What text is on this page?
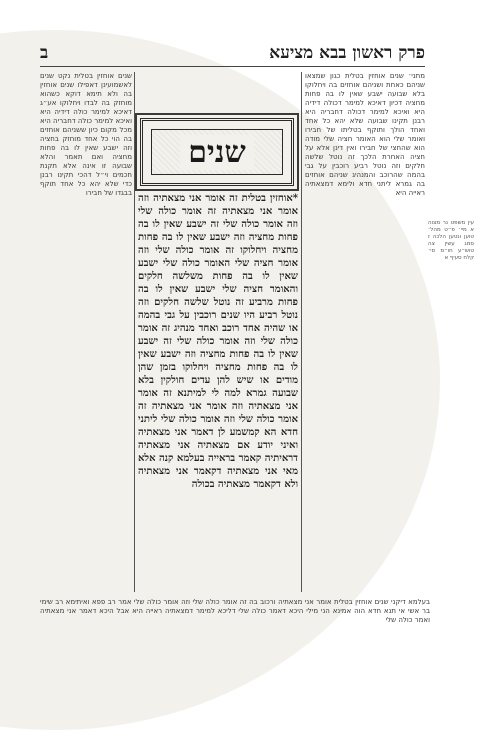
פרק ראשון בבא מציעא
ב

מתני׳ שנים אוחזין בטלית כגון שמצאו שניהם כאחת ושניהם אוחזים בה ויחלוקו בלא שבועה ישבע שאין לו בה פחות מחציה דכיון דאיכא למימר דכולה דידיה היא ואיכא למימר דכולה דחבריה היא רבנן תקינו שבועה שלא יהא כל אחד ואחד הולך ותוקף בטליתו של חבירו ואומר שלי הוא האומר חציה שלי מודה הוא שהחצי של חבירו ואין דינן אלא על חציה האחרת הלכך זה נוטל שלשה חלקים וזה נוטל רביע רוכבין על גבי בהמה שהרוכב והמנהיג שניהם אוחזים בה גמרא ליתני חדא ולימא דמצאתיה ראייה היא

שנים אוחזין בטלית נקט שנים לאשמועינן דאפילו שנים אוחזין בה ולא תימא דוקא כשהוא מוחזק בה לבדו ויחלוקו אע״ג דאיכא למימר כולה דידיה היא ואיכא למימר כולה דחבריה היא מכל מקום כיון ששניהם אוחזים בה הוי כל אחד מוחזק בחציה וזה ישבע שאין לו בה פחות מחציה ואם תאמר והלא שבועה זו אינה אלא תקנת חכמים וי״ל דהכי תקינו רבנן כדי שלא יהא כל אחד תוקף בבגדו של חבירו

עין משפט נר מצוה א מיי׳ פ״ט מהל׳ טוען ונטען הלכה ז סמג עשין צה טוש״ע חו״מ סי׳ קלח סעיף א

שנים

*אוחזין בטלית זה אומר אני מצאתיה וזה אומר אני מצאתיה זה אומר כולה שלי וזה אומר כולה שלי זה ישבע שאין לו בה פחות מחציה וזה ישבע שאין לו בה פחות מחציה ויחלוקו זה אומר כולה שלי וזה אומר חציה שלי האומר כולה שלי ישבע שאין לו בה פחות משלשה חלקים והאומר חציה שלי ישבע שאין לו בה פחות מרביע זה נוטל שלשה חלקים וזה נוטל רביע היו שנים רוכבין על גבי בהמה או שהיה אחד רוכב ואחד מנהיג זה אומר כולה שלי וזה אומר כולה שלי זה ישבע שאין לו בה פחות מחציה וזה ישבע שאין לו בה פחות מחציה ויחלוקו בזמן שהן מודים או שיש להן עדים חולקין בלא שבועה גמרא למה לי למיתנא זה אומר אני מצאתיה וזה אומר אני מצאתיה זה אומר כולה שלי וזה אומר כולה שלי ליתני חדא הא קמשמע לן דאמר אני מצאתיה ואיני יודע אם מצאתיה אני מצאתיה דראיתיה קאמר בראייה בעלמא קנה אלא מאי אני מצאתיה דקאמר אני מצאתיה ולא דקאמר מצאתיה בכולה

בעלמא דיקני שנים אוחזין בטלית אומר אני מצאתיה ורכוב בה זה אומר כולה שלי וזה אומר כולה שלי אמר רב פפא ואיתימא רב שימי בר אשי אי תנא חדא הוה אמינא הני מילי היכא דאמר כולה שלי דליכא למימר דמצאתיה ראייה היא אבל היכא דאמר אני מצאתיה ואמר כולה שלי
